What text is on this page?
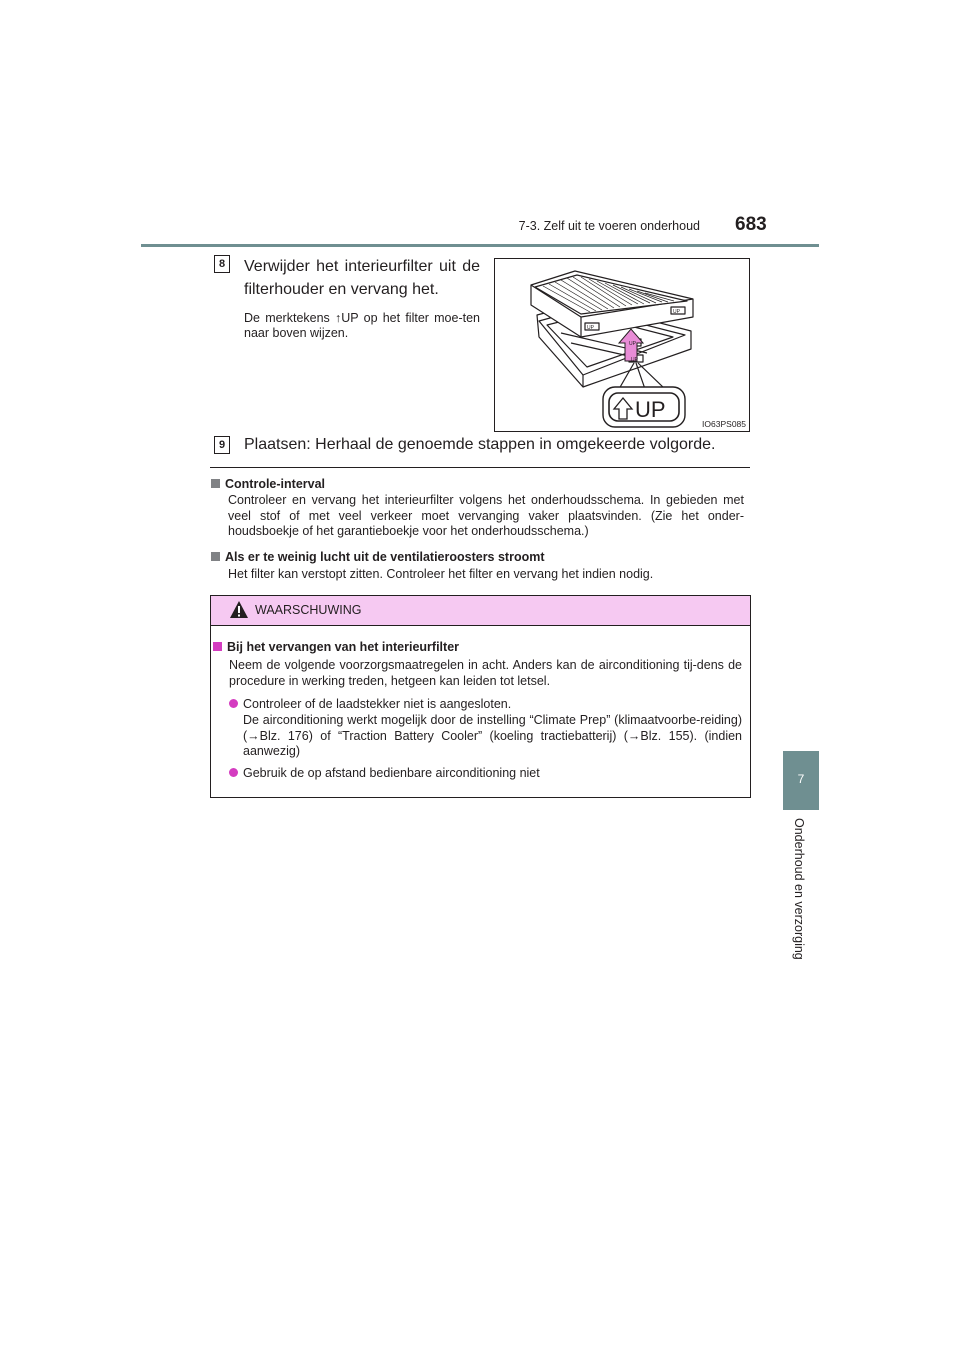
7-3. Zelf uit te voeren onderhoud 683
7
Onderhoud en verzorging
8	Verwijder het interieurfilter uit de filterhouder en vervang het.
De merktekens ↑UP op het filter moe-ten naar boven wijzen.	UP
UP
UP
UP
UP
IO63PS085
9	Plaatsen: Herhaal de genoemde stappen in omgekeerde volgorde.
Controle-interval
Controleer en vervang het interieurfilter volgens het onderhoudsschema. In gebieden met veel stof of met veel verkeer moet vervanging vaker plaatsvinden. (Zie het onder-houdsboekje of het garantieboekje voor het onderhoudsschema.)
Als er te weinig lucht uit de ventilatieroosters stroomt
Het filter kan verstopt zitten. Controleer het filter en vervang het indien nodig.
WAARSCHUWING
Bij het vervangen van het interieurfilter
Neem de volgende voorzorgsmaatregelen in acht. Anders kan de airconditioning tij-dens de procedure in werking treden, hetgeen kan leiden tot letsel.
Controleer of de laadstekker niet is aangesloten.
De airconditioning werkt mogelijk door de instelling “Climate Prep” (klimaatvoorbe-reiding) (→Blz. 176) of “Traction Battery Cooler” (koeling tractiebatterij) (→Blz. 155). (indien aanwezig)
Gebruik de op afstand bedienbare airconditioning niet
